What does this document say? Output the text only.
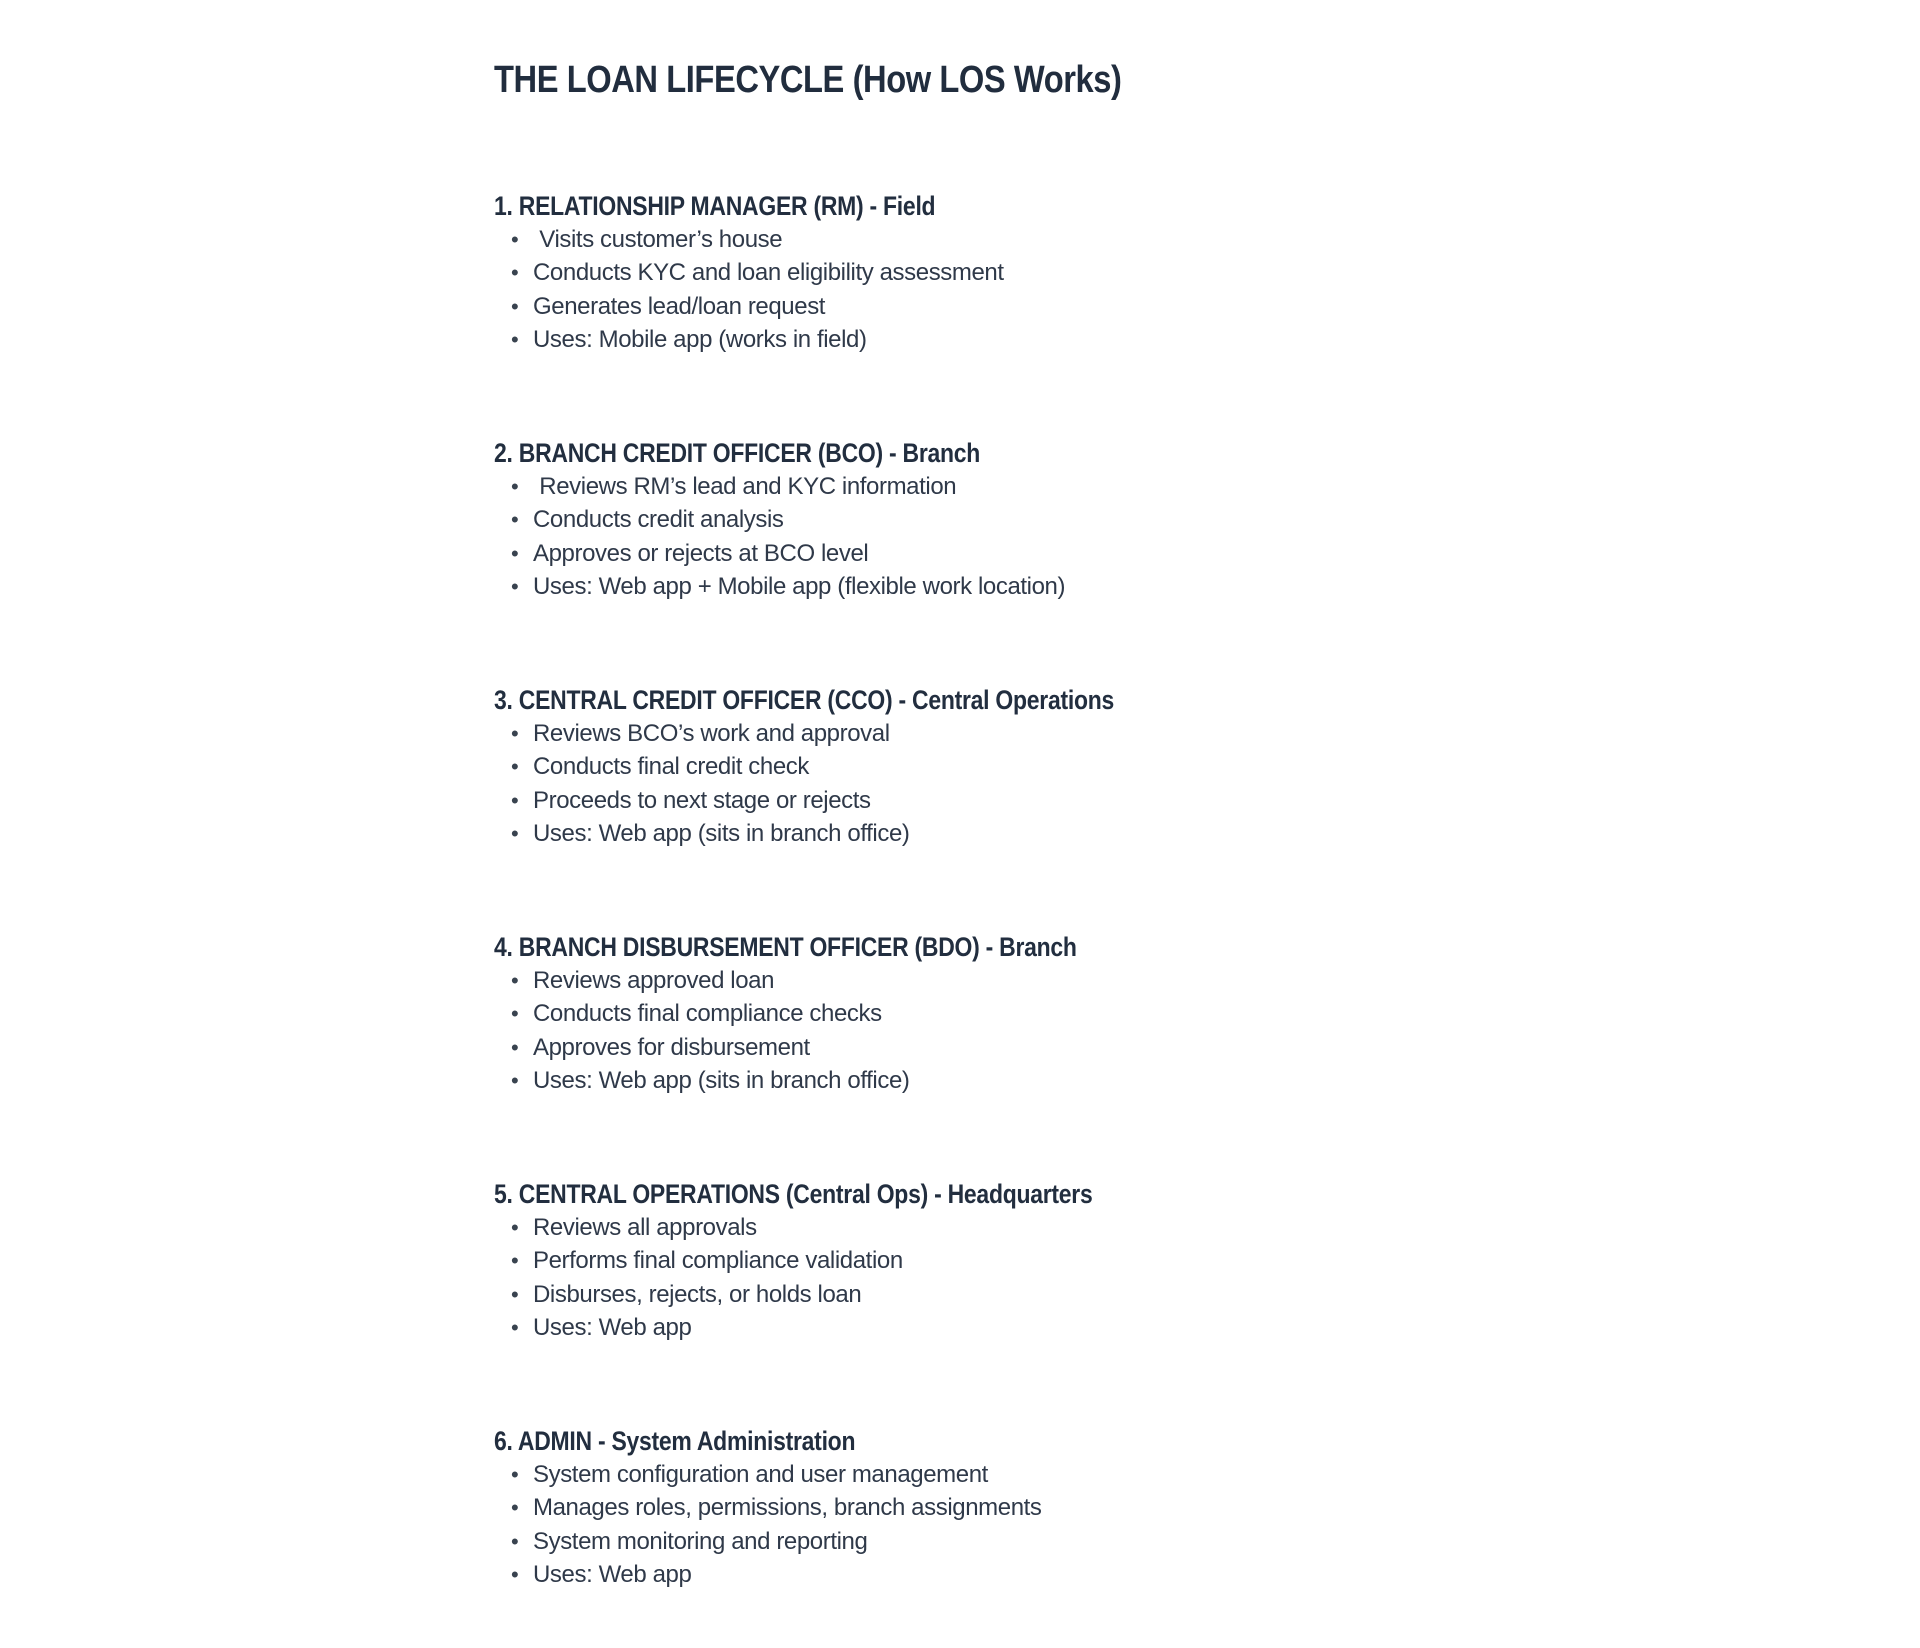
THE LOAN LIFECYCLE (How LOS Works)
1. RELATIONSHIP MANAGER (RM) - Field
•  Visits customer’s house
• Conducts KYC and loan eligibility assessment
• Generates lead/loan request
• Uses: Mobile app (works in field)
2. BRANCH CREDIT OFFICER (BCO) - Branch
•  Reviews RM’s lead and KYC information
• Conducts credit analysis
• Approves or rejects at BCO level
• Uses: Web app + Mobile app (flexible work location)
3. CENTRAL CREDIT OFFICER (CCO) - Central Operations
• Reviews BCO’s work and approval
• Conducts final credit check
• Proceeds to next stage or rejects
• Uses: Web app (sits in branch office)
4. BRANCH DISBURSEMENT OFFICER (BDO) - Branch
• Reviews approved loan
• Conducts final compliance checks
• Approves for disbursement
• Uses: Web app (sits in branch office)
5. CENTRAL OPERATIONS (Central Ops) - Headquarters
• Reviews all approvals
• Performs final compliance validation
• Disburses, rejects, or holds loan
• Uses: Web app
6. ADMIN - System Administration
• System configuration and user management
• Manages roles, permissions, branch assignments
• System monitoring and reporting
• Uses: Web app
